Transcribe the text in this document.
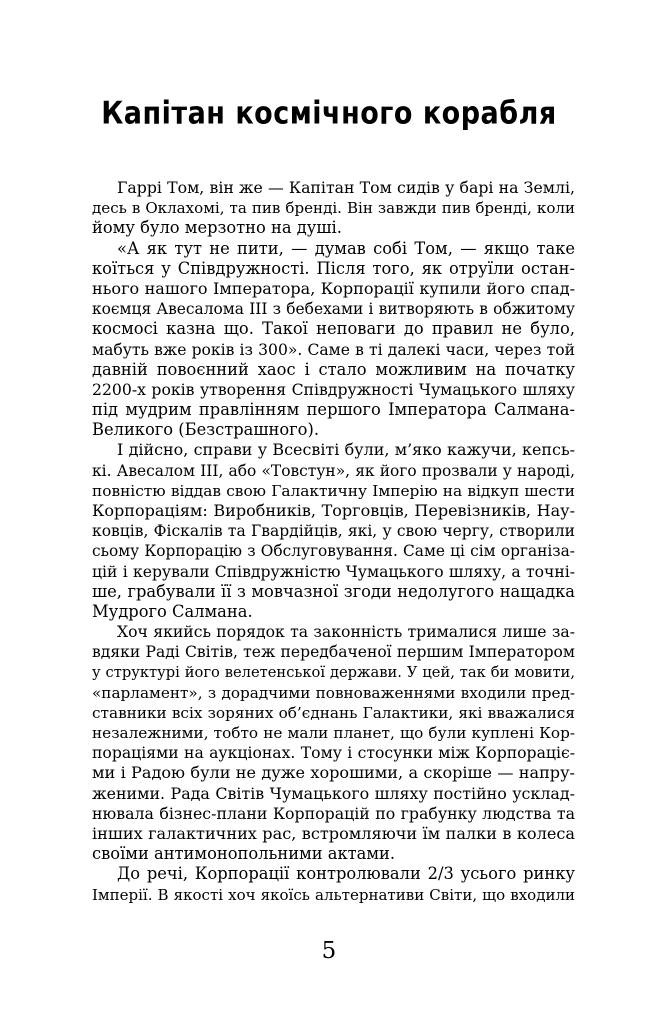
Капітан космічного корабля
Гаррі Том, він же — Капітан Том сидів у барі на Землі,
десь в Оклахомі, та пив бренді. Він завжди пив бренді, коли
йому було мерзотно на душі.
«А як тут не пити, — думав собі Том, — якщо таке
коїться у Співдружності. Після того, як отруїли остан-
нього нашого Імператора, Корпорації купили його спад-
коємця Авесалома III з бебехами і витворяють в обжитому
космосі казна що. Такої неповаги до правил не було,
мабуть вже років із 300». Саме в ті далекі часи, через той
давній повоєнний хаос і стало можливим на початку
2200-х років утворення Співдружності Чумацького шляху
під мудрим правлінням першого Імператора Салмана-
Великого (Безстрашного).
І дійсно, справи у Всесвіті були, м’яко кажучи, кепсь-
кі. Авесалом III, або «Товстун», як його прозвали у народі,
повністю віддав свою Галактичну Імперію на відкуп шести
Корпораціям: Виробників, Торговців, Перевізників, Нау-
ковців, Фіскалів та Гвардійців, які, у свою чергу, створили
сьому Корпорацію з Обслуговування. Саме ці сім організа-
цій і керували Співдружністю Чумацького шляху, а точні-
ше, грабували її з мовчазної згоди недолугого нащадка
Мудрого Салмана.
Хоч якийсь порядок та законність трималися лише за-
вдяки Раді Світів, теж передбаченої першим Імператором
у структурі його велетенської держави. У цей, так би мовити,
«парламент», з дорадчими повноваженнями входили пред-
ставники всіх зоряних об’єднань Галактики, які вважалися
незалежними, тобто не мали планет, що були куплені Кор-
пораціями на аукціонах. Тому і стосунки між Корпораціє-
ми і Радою були не дуже хорошими, а скоріше — напру-
женими. Рада Світів Чумацького шляху постійно усклад-
нювала бізнес-плани Корпорацій по грабунку людства та
інших галактичних рас, встромляючи їм палки в колеса
своїми антимонопольними актами.
До речі, Корпорації контролювали 2/3 усього ринку
Імперії. В якості хоч якоїсь альтернативи Світи, що входили
5
